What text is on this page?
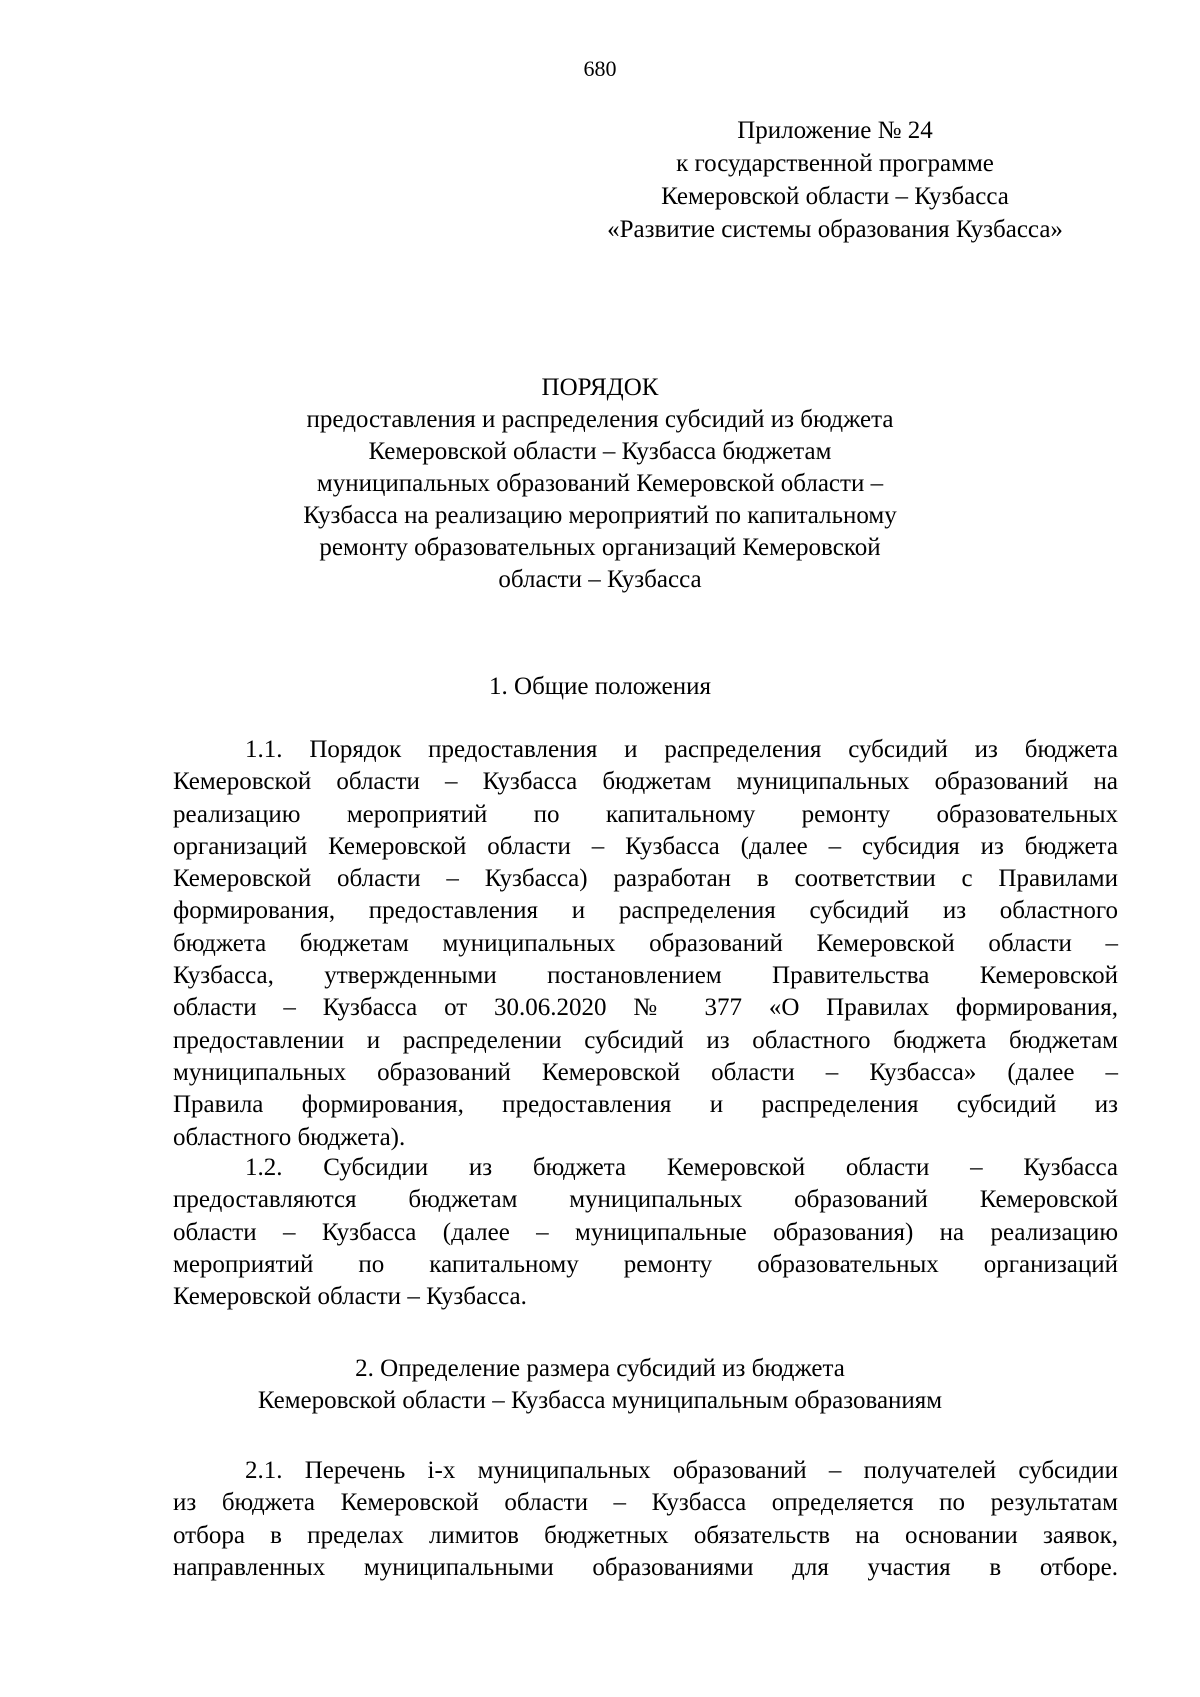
680
Приложение № 24
к государственной программе
Кемеровской области – Кузбасса
«Развитие системы образования Кузбасса»
ПОРЯДОК
предоставления и распределения субсидий из бюджета
Кемеровской области – Кузбасса бюджетам
муниципальных образований Кемеровской области –
Кузбасса на реализацию мероприятий по капитальному
ремонту образовательных организаций Кемеровской
области – Кузбасса
1. Общие положения
1.1. Порядок предоставления и распределения субсидий из бюджета
Кемеровской области – Кузбасса бюджетам муниципальных образований на
реализацию мероприятий по капитальному ремонту образовательных
организаций Кемеровской области – Кузбасса (далее – субсидия из бюджета
Кемеровской области – Кузбасса) разработан в соответствии с Правилами
формирования, предоставления и распределения субсидий из областного
бюджета бюджетам муниципальных образований Кемеровской области –
Кузбасса, утвержденными постановлением Правительства Кемеровской
области – Кузбасса от 30.06.2020 № 377 «О Правилах формирования,
предоставлении и распределении субсидий из областного бюджета бюджетам
муниципальных образований Кемеровской области – Кузбасса» (далее –
Правила формирования, предоставления и распределения субсидий из
областного бюджета).
1.2. Субсидии из бюджета Кемеровской области – Кузбасса
предоставляются бюджетам муниципальных образований Кемеровской
области – Кузбасса (далее – муниципальные образования) на реализацию
мероприятий по капитальному ремонту образовательных организаций
Кемеровской области – Кузбасса.
2. Определение размера субсидий из бюджета
Кемеровской области – Кузбасса муниципальным образованиям
2.1. Перечень i-х муниципальных образований – получателей субсидии
из бюджета Кемеровской области – Кузбасса определяется по результатам
отбора в пределах лимитов бюджетных обязательств на основании заявок,
направленных муниципальными образованиями для участия в отборе.
